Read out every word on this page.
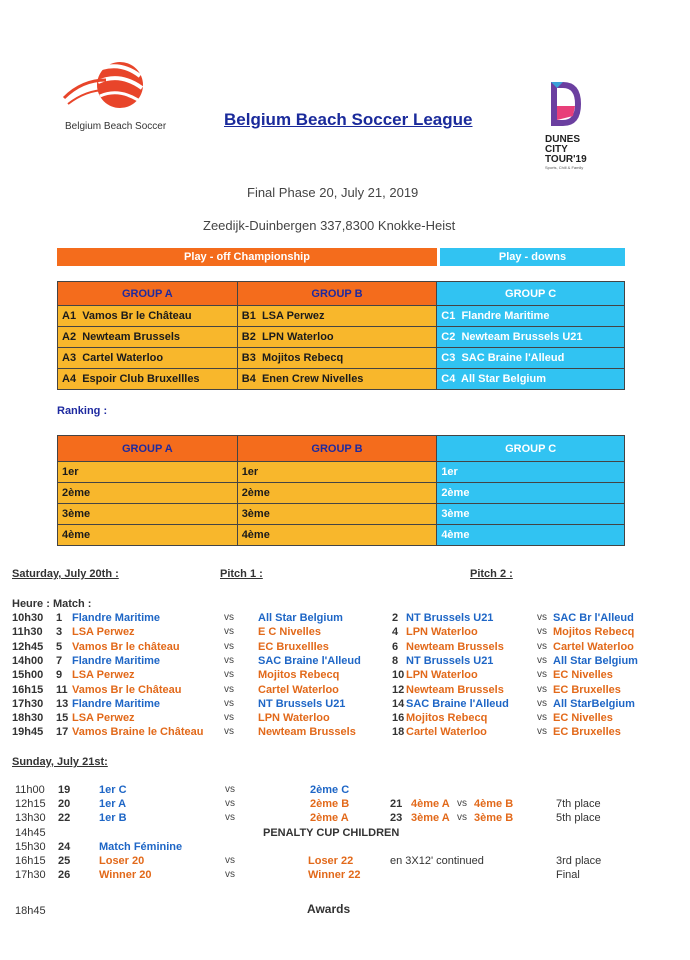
Belgium Beach Soccer	Belgium Beach Soccer League
DUNES
CITY
TOUR'19
Sports, Chill & Family
Final Phase 20, July 21, 2019
Zeedijk-Duinbergen 337,8300 Knokke-Heist
Play - off Championship	Play - downs
GROUP A	GROUP B	GROUP C
A1 Vamos Br le Château	B1 LSA Perwez	C1 Flandre Maritime
A2 Newteam Brussels	B2 LPN Waterloo	C2 Newteam Brussels U21
A3 Cartel Waterloo	B3 Mojitos Rebecq	C3 SAC Braine l'Alleud
A4 Espoir Club Bruxellles	B4 Enen Crew Nivelles	C4 All Star Belgium
Ranking :
GROUP A	GROUP B	GROUP C
1er	1er	1er
2ème	2ème	2ème
3ème	3ème	3ème
4ème	4ème	4ème
Saturday, July 20th :	Pitch 1 :	Pitch 2 :
Heure : Match :
10h30 1 Flandre Maritime	vs All Star Belgium	2 NT Brussels U21	vs SAC Br l'Alleud
11h30 3 LSA Perwez	vs E C Nivelles	4 LPN Waterloo	vs Mojitos Rebecq
12h45 5 Vamos Br le château	vs EC Bruxellles	6 Newteam Brussels	vs Cartel Waterloo
14h00 7 Flandre Maritime	vs SAC Braine l'Alleud	8 NT Brussels U21	vs All Star Belgium
15h00 9 LSA Perwez	vs Mojitos Rebecq	10 LPN Waterloo	vs EC Nivelles
16h15 11 Vamos Br le Château	vs Cartel Waterloo	12 Newteam Brussels	vs EC Bruxelles
17h30 13 Flandre Maritime	vs NT Brussels U21	14 SAC Braine l'Alleud	vs All StarBelgium
18h30 15 LSA Perwez	vs LPN Waterloo	16 Mojitos Rebecq	vs EC Nivelles
19h45 17 Vamos Braine le Château vs Newteam Brussels	18 Cartel Waterloo	vs EC Bruxelles
Sunday, July 21st:
11h00 19	1er C	vs	2ème C
12h15 20	1er A	vs	2ème B	21 4ème A vs 4ème B	7th place
13h30 22	1er B	vs	2ème A	23 3ème A vs 3ème B	5th place
14h45	PENALTY CUP CHILDREN
15h30 24	Match Féminine
16h15 25	Loser 20	vs	Loser 22	en 3X12' continued	3rd place
17h30 26	Winner 20	vs	Winner 22	Final
18h45	Awards
